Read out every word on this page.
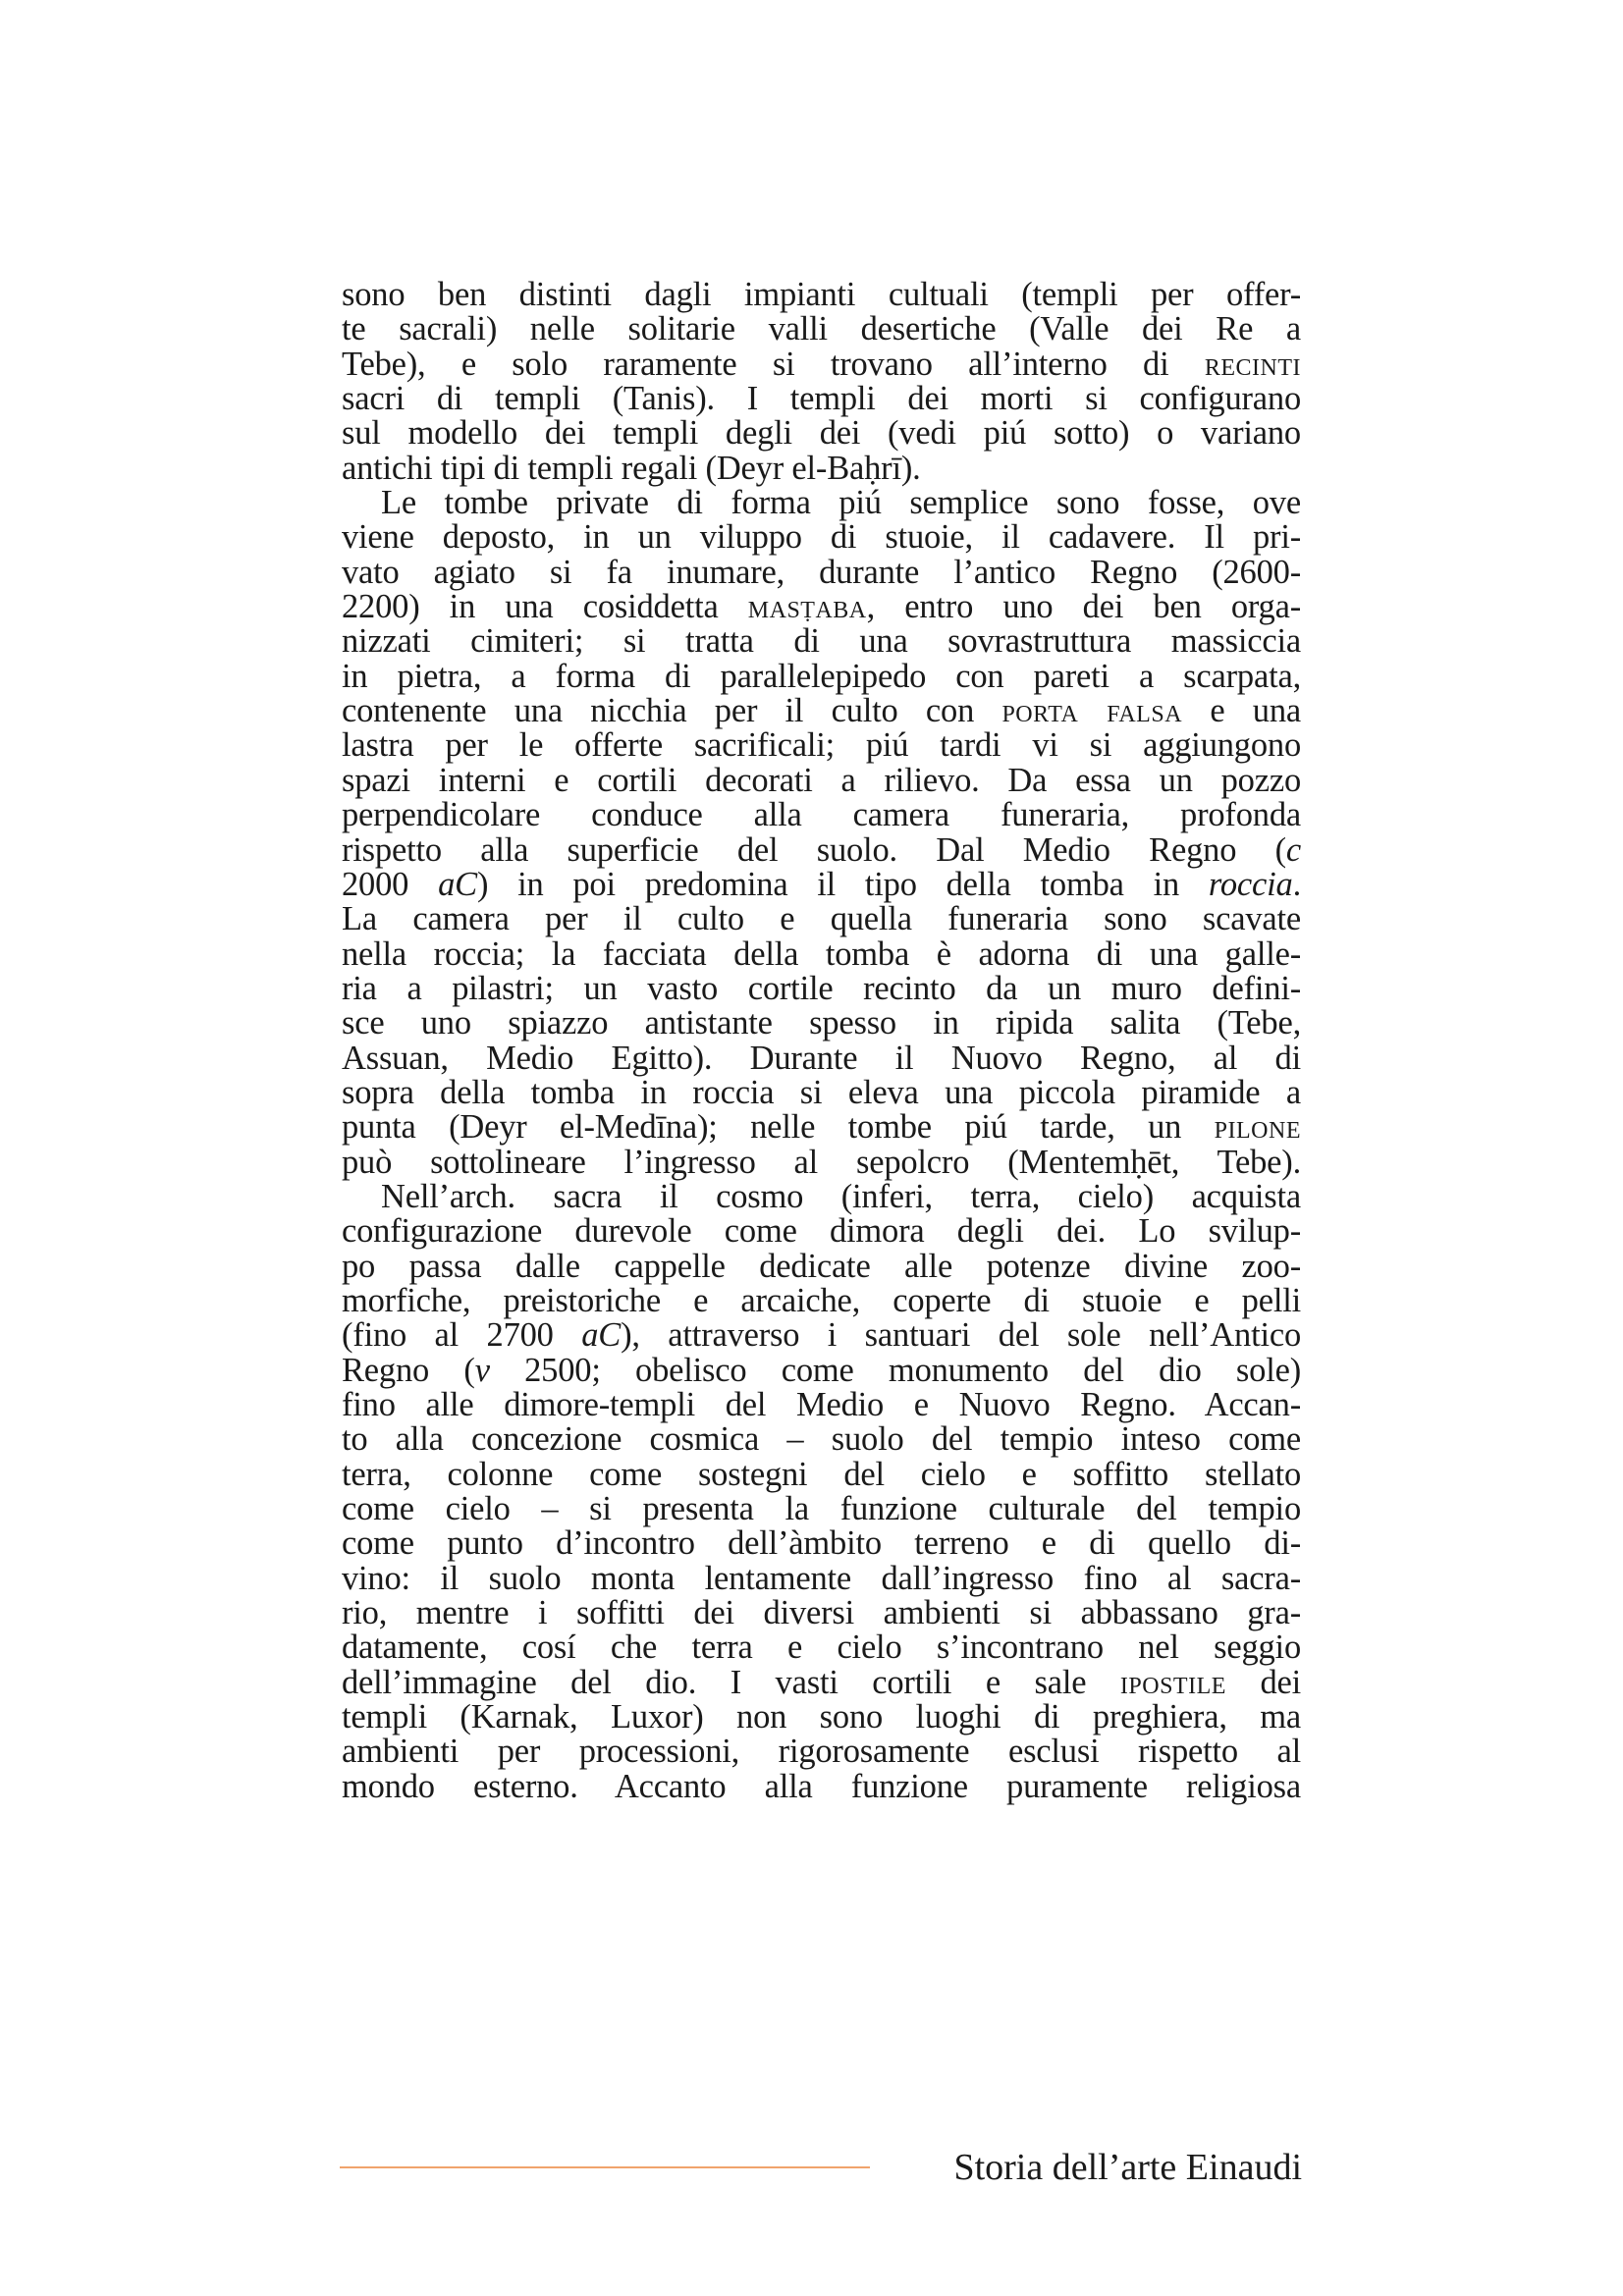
sono ben distinti dagli impianti cultuali (templi per offer-
te sacrali) nelle solitarie valli desertiche (Valle dei Re a
Tebe), e solo raramente si trovano all’interno di recinti
sacri di templi (Tanis). I templi dei morti si configurano
sul modello dei templi degli dei (vedi piú sotto) o variano
antichi tipi di templi regali (Deyr el-Baḥrī).
Le tombe private di forma piú semplice sono fosse, ove
viene deposto, in un viluppo di stuoie, il cadavere. Il pri-
vato agiato si fa inumare, durante l’antico Regno (2600-
2200) in una cosiddetta masṭaba, entro uno dei ben orga-
nizzati cimiteri; si tratta di una sovrastruttura massiccia
in pietra, a forma di parallelepipedo con pareti a scarpata,
contenente una nicchia per il culto con porta falsa e una
lastra per le offerte sacrificali; piú tardi vi si aggiungono
spazi interni e cortili decorati a rilievo. Da essa un pozzo
perpendicolare conduce alla camera funeraria, profonda
rispetto alla superficie del suolo. Dal Medio Regno (c
2000 aC) in poi predomina il tipo della tomba in roccia.
La camera per il culto e quella funeraria sono scavate
nella roccia; la facciata della tomba è adorna di una galle-
ria a pilastri; un vasto cortile recinto da un muro defini-
sce uno spiazzo antistante spesso in ripida salita (Tebe,
Assuan, Medio Egitto). Durante il Nuovo Regno, al di
sopra della tomba in roccia si eleva una piccola piramide a
punta (Deyr el-Medīna); nelle tombe piú tarde, un pilone
può sottolineare l’ingresso al sepolcro (Mentemḥēt, Tebe).
Nell’arch. sacra il cosmo (inferi, terra, cielo) acquista
configurazione durevole come dimora degli dei. Lo svilup-
po passa dalle cappelle dedicate alle potenze divine zoo-
morfiche, preistoriche e arcaiche, coperte di stuoie e pelli
(fino al 2700 aC), attraverso i santuari del sole nell’Antico
Regno (v 2500; obelisco come monumento del dio sole)
fino alle dimore-templi del Medio e Nuovo Regno. Accan-
to alla concezione cosmica – suolo del tempio inteso come
terra, colonne come sostegni del cielo e soffitto stellato
come cielo – si presenta la funzione culturale del tempio
come punto d’incontro dell’àmbito terreno e di quello di-
vino: il suolo monta lentamente dall’ingresso fino al sacra-
rio, mentre i soffitti dei diversi ambienti si abbassano gra-
datamente, cosí che terra e cielo s’incontrano nel seggio
dell’immagine del dio. I vasti cortili e sale ipostile dei
templi (Karnak, Luxor) non sono luoghi di preghiera, ma
ambienti per processioni, rigorosamente esclusi rispetto al
mondo esterno. Accanto alla funzione puramente religiosa
Storia dell’arte Einaudi
